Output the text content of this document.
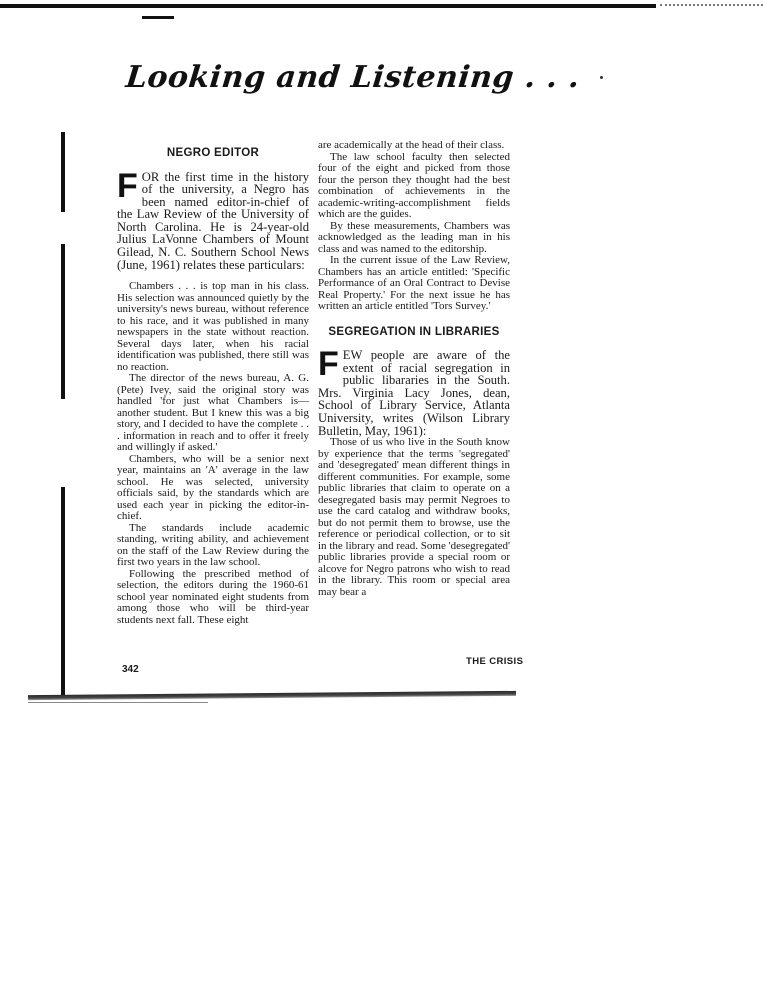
Looking and Listening . . .
NEGRO EDITOR

FOR the first time in the history of the university, a Negro has been named editor-in-chief of the Law Review of the University of North Carolina. He is 24-year-old Julius LaVonne Chambers of Mount Gilead, N. C. Southern School News (June, 1961) relates these particulars:

Chambers . . . is top man in his class. His selection was announced quietly by the university's news bureau, without reference to his race, and it was published in many newspapers in the state without reaction. Several days later, when his racial identification was published, there still was no reaction.

The director of the news bureau, A. G. (Pete) Ivey, said the original story was handled 'for just what Chambers is—another student. But I knew this was a big story, and I decided to have the complete . . . information in reach and to offer it freely and willingly if asked.'

Chambers, who will be a senior next year, maintains an 'A' average in the law school. He was selected, university officials said, by the standards which are used each year in picking the editor-in-chief.

The standards include academic standing, writing ability, and achievement on the staff of the Law Review during the first two years in the law school.

Following the prescribed method of selection, the editors during the 1960-61 school year nominated eight students from among those who will be third-year students next fall. These eight

are academically at the head of their class.

The law school faculty then selected four of the eight and picked from those four the person they thought had the best combination of achievements in the academic-writing-accomplishment fields which are the guides.

By these measurements, Chambers was acknowledged as the leading man in his class and was named to the editorship.

In the current issue of the Law Review, Chambers has an article entitled: 'Specific Performance of an Oral Contract to Devise Real Property.' For the next issue he has written an article entitled 'Tors Survey.'

SEGREGATION IN LIBRARIES

FEW people are aware of the extent of racial segregation in public libararies in the South. Mrs. Virginia Lacy Jones, dean, School of Library Service, Atlanta University, writes (Wilson Library Bulletin, May, 1961):

Those of us who live in the South know by experience that the terms 'segregated' and 'desegregated' mean different things in different communities. For example, some public libraries that claim to operate on a desegregated basis may permit Negroes to use the card catalog and withdraw books, but do not permit them to browse, use the reference or periodical collection, or to sit in the library and read. Some 'desegregated' public libraries provide a special room or alcove for Negro patrons who wish to read in the library. This room or special area may bear a

342
THE CRISIS
